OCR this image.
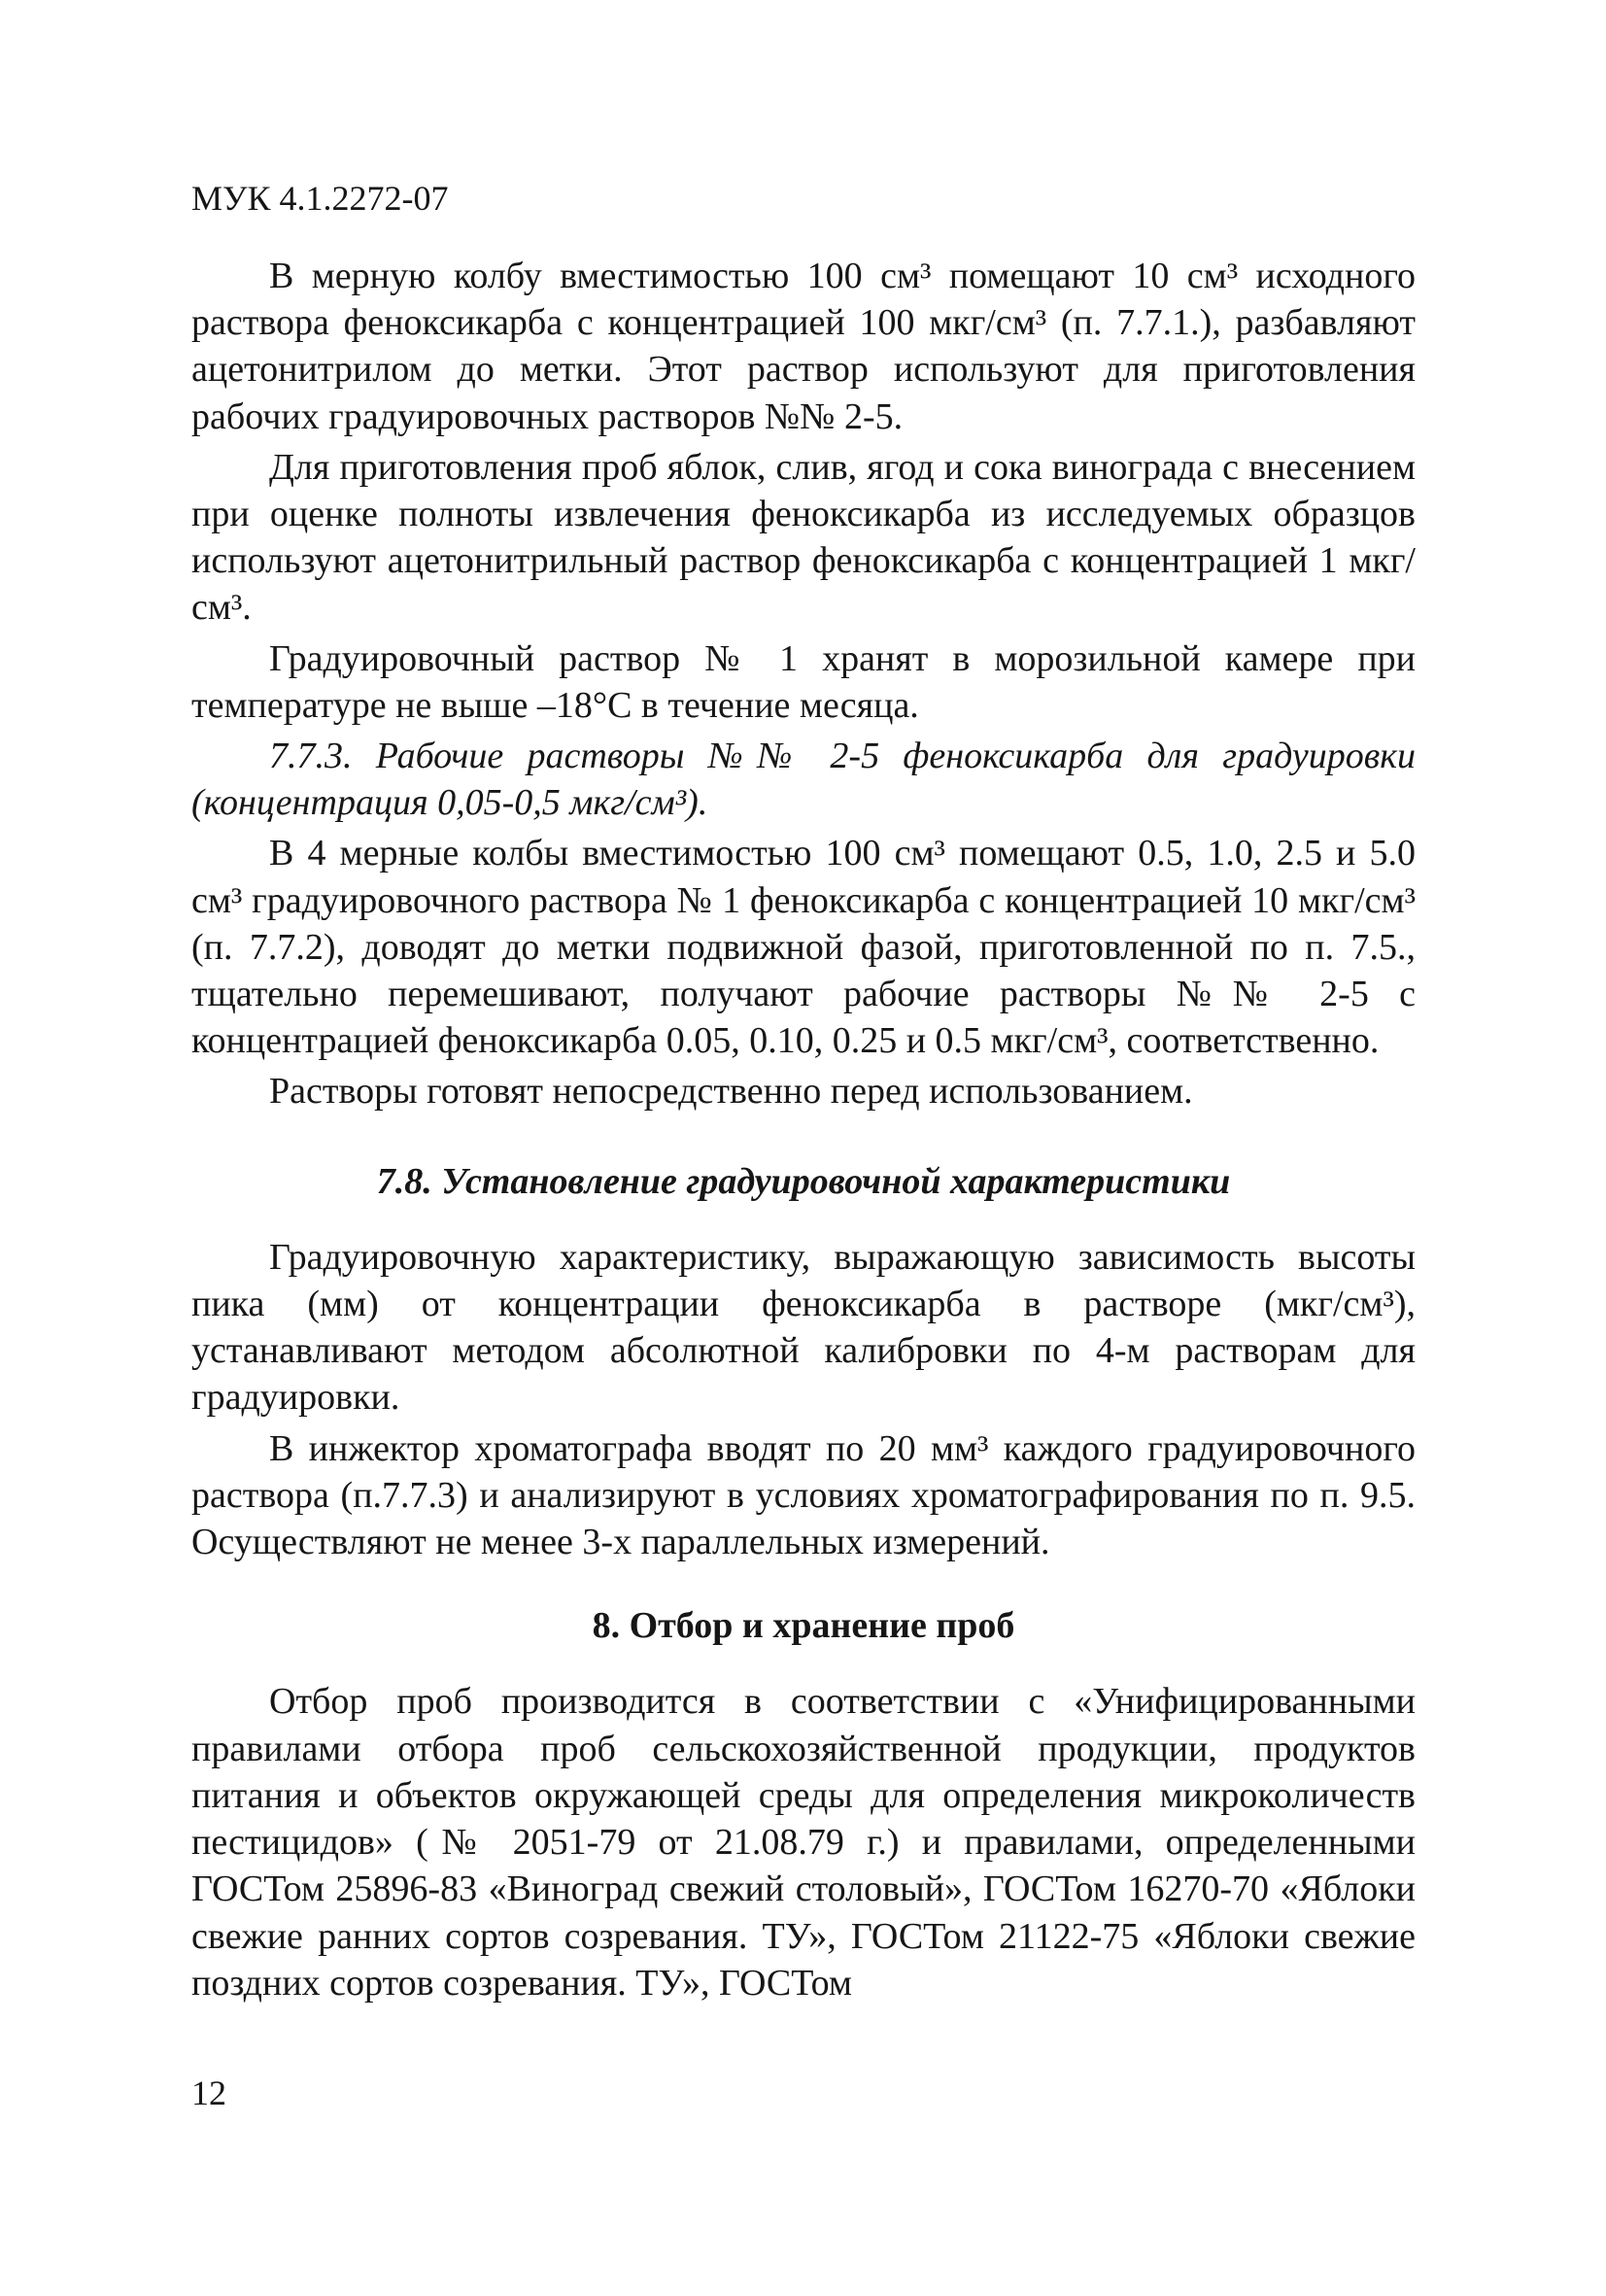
МУК 4.1.2272-07

В мерную колбу вместимостью 100 см³ помещают 10 см³ исходного раствора феноксикарба с концентрацией 100 мкг/см³ (п. 7.7.1.), разбавляют ацетонитрилом до метки. Этот раствор используют для приготовления рабочих градуировочных растворов №№ 2-5.

Для приготовления проб яблок, слив, ягод и сока винограда с внесением при оценке полноты извлечения феноксикарба из исследуемых образцов используют ацетонитрильный раствор феноксикарба с концентрацией 1 мкг/см³.

Градуировочный раствор № 1 хранят в морозильной камере при температуре не выше –18°С в течение месяца.

7.7.3. Рабочие растворы №№ 2-5 феноксикарба для градуировки (концентрация 0,05-0,5 мкг/см³).

В 4 мерные колбы вместимостью 100 см³ помещают 0.5, 1.0, 2.5 и 5.0 см³ градуировочного раствора № 1 феноксикарба с концентрацией 10 мкг/см³ (п. 7.7.2), доводят до метки подвижной фазой, приготовленной по п. 7.5., тщательно перемешивают, получают рабочие растворы №№ 2-5 с концентрацией феноксикарба 0.05, 0.10, 0.25 и 0.5 мкг/см³, соответственно.

Растворы готовят непосредственно перед использованием.

7.8. Установление градуировочной характеристики

Градуировочную характеристику, выражающую зависимость высоты пика (мм) от концентрации феноксикарба в растворе (мкг/см³), устанавливают методом абсолютной калибровки по 4-м растворам для градуировки.

В инжектор хроматографа вводят по 20 мм³ каждого градуировочного раствора (п.7.7.3) и анализируют в условиях хроматографирования по п. 9.5. Осуществляют не менее 3-х параллельных измерений.

8. Отбор и хранение проб

Отбор проб производится в соответствии с «Унифицированными правилами отбора проб сельскохозяйственной продукции, продуктов питания и объектов окружающей среды для определения микроколичеств пестицидов» (№ 2051-79 от 21.08.79 г.) и правилами, определенными ГОСТом 25896-83 «Виноград свежий столовый», ГОСТом 16270-70 «Яблоки свежие ранних сортов созревания. ТУ», ГОСТом 21122-75 «Яблоки свежие поздних сортов созревания. ТУ», ГОСТом

12
